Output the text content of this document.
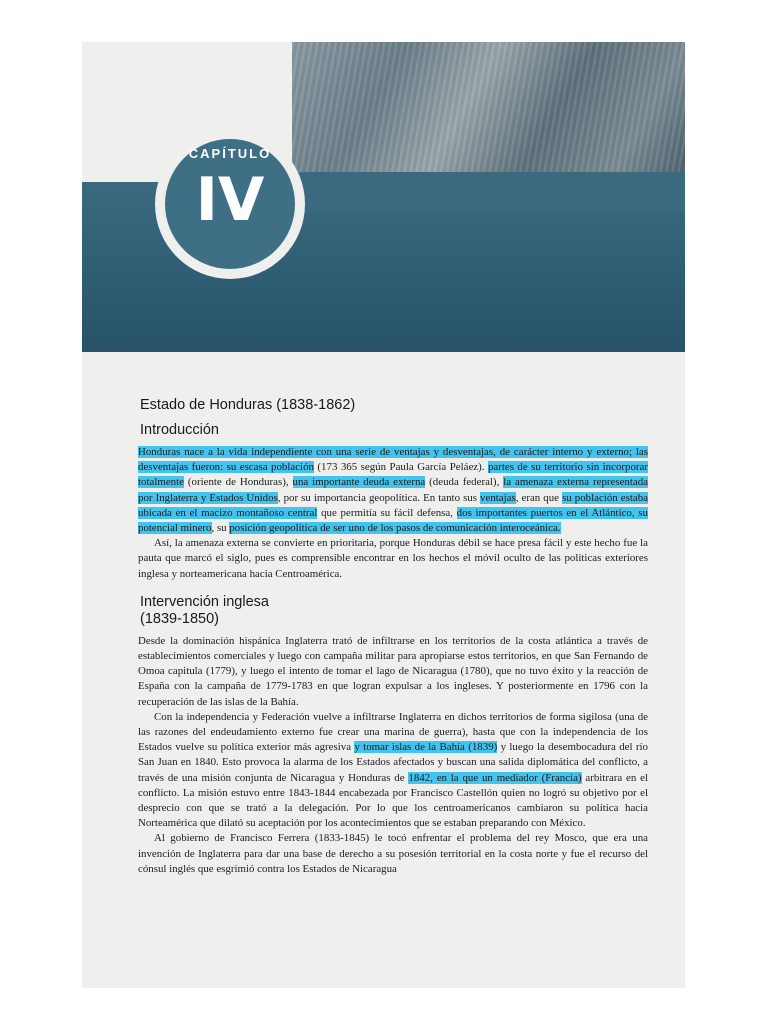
CAPÍTULO
IV
Estado de Honduras (1838-1862)
Introducción

Honduras nace a la vida independiente con una serie de ventajas y desventajas, de carácter interno y externo; las desventajas fueron: su escasa población (173 365 según Paula García Peláez). partes de su territorio sin incorporar totalmente (oriente de Honduras), una importante deuda externa (deuda federal), la amenaza externa representada por Inglaterra y Estados Unidos, por su importancia geopolítica. En tanto sus ventajas, eran que su población estaba ubicada en el macizo montañoso central que permitía su fácil defensa, dos importantes puertos en el Atlántico, su potencial minero, su posición geopolítica de ser uno de los pasos de comunicación interoceánica.

Así, la amenaza externa se convierte en prioritaria, porque Honduras débil se hace presa fácil y este hecho fue la pauta que marcó el siglo, pues es comprensible encontrar en los hechos el móvil oculto de las políticas exteriores inglesa y norteamericana hacia Centroamérica.

Intervención inglesa
(1839-1850)

Desde la dominación hispánica Inglaterra trató de infiltrarse en los territorios de la costa atlántica a través de establecimientos comerciales y luego con campaña militar para apropiarse estos territorios, en que San Fernando de Omoa capitula (1779), y luego el intento de tomar el lago de Nicaragua (1780), que no tuvo éxito y la reacción de España con la campaña de 1779-1783 en que logran expulsar a los ingleses. Y posteriormente en 1796 con la recuperación de las islas de la Bahía.

Con la independencia y Federación vuelve a infiltrarse Inglaterra en dichos territorios de forma sigilosa (una de las razones del endeudamiento externo fue crear una marina de guerra), hasta que con la independencia de los Estados vuelve su política exterior más agresiva y tomar islas de la Bahía (1839) y luego la desembocadura del río San Juan en 1840. Esto provoca la alarma de los Estados afectados y buscan una salida diplomática del conflicto, a través de una misión conjunta de Nicaragua y Honduras de 1842, en la que un mediador (Francia) arbitrara en el conflicto. La misión estuvo entre 1843-1844 encabezada por Francisco Castellón quien no logró su objetivo por el desprecio con que se trató a la delegación. Por lo que los centroamericanos cambiaron su política hacia Norteamérica que dilató su aceptación por los acontecimientos que se estaban preparando con México.

Al gobierno de Francisco Ferrera (1833-1845) le tocó enfrentar el problema del rey Mosco, que era una invención de Inglaterra para dar una base de derecho a su posesión territorial en la costa norte y fue el recurso del cónsul inglés que esgrimió contra los Estados de Nicaragua
